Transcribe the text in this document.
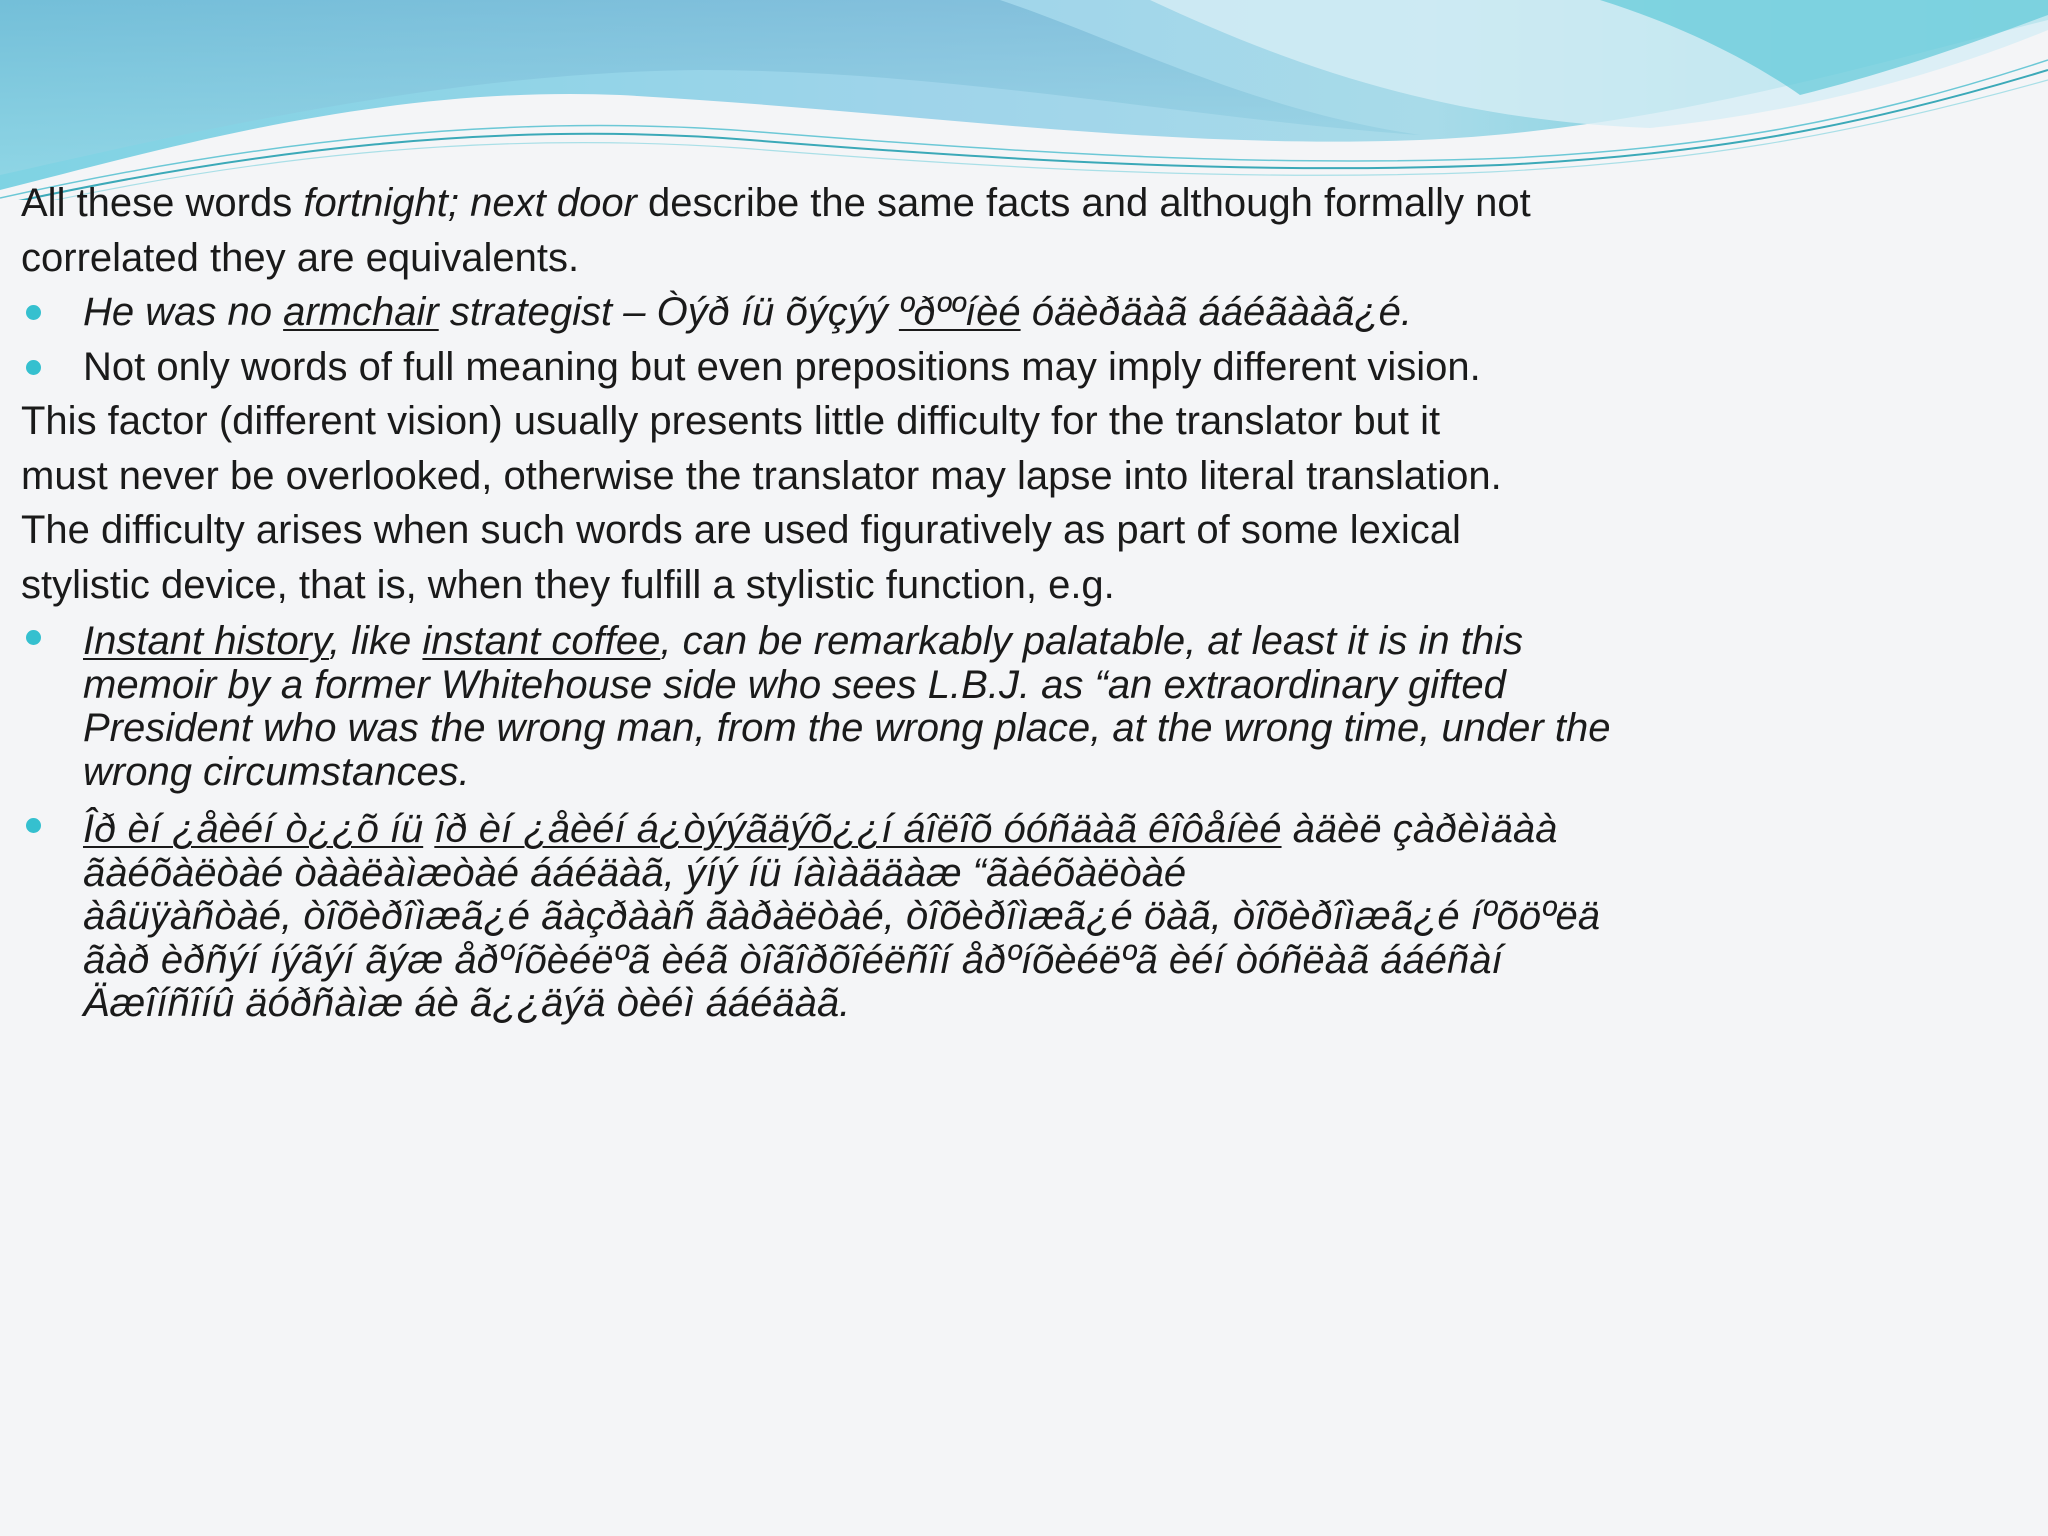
All these words fortnight; next door describe the same facts and although formally not
correlated they are equivalents.
He was no armchair strategist – Òýð íü õýçýý ºðººíèé óäèðäàã ááéãààã¿é.
Not only words of full meaning but even prepositions may imply different vision.
This factor (different vision) usually presents little difficulty for the translator but it
must never be overlooked, otherwise the translator may lapse into literal translation.
The difficulty arises when such words are used figuratively as part of some lexical
stylistic device, that is, when they fulfill a stylistic function, e.g.
Instant history, like instant coffee, can be remarkably palatable, at least it is in this
memoir by a former Whitehouse side who sees L.B.J. as “an extraordinary gifted
President who was the wrong man, from the wrong place, at the wrong time, under the
wrong circumstances.
Îð èí ¿åèéí ò¿¿õ íü îð èí ¿åèéí á¿òýýãäýõ¿¿í áîëîõ óóñäàã êîôåíèé àäèë çàðèìäàà
ãàéõàëòàé òààëàìæòàé ááéäàã, ýíý íü íàìàääàæ “ãàéõàëòàé
àâüÿàñòàé, òîõèðîìæã¿é ãàçðààñ ãàðàëòàé, òîõèðîìæã¿é öàã, òîõèðîìæã¿é íºõöºëä
ãàð èðñýí íýãýí ãýæ åðºíõèéëºã èéã òîãîðõîéëñîí åðºíõèéëºã èéí òóñëàã ááéñàí
Äæîíñîíû äóðñàìæ áè ã¿¿äýä òèéì ááéäàã.
